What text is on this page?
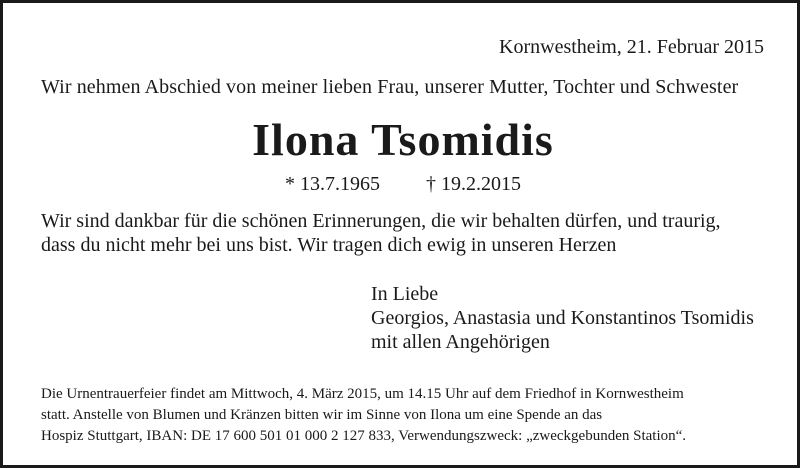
Kornwestheim, 21. Februar 2015
Wir nehmen Abschied von meiner lieben Frau, unserer Mutter, Tochter und Schwester
Ilona Tsomidis
* 13.7.1965 † 19.2.2015
Wir sind dankbar für die schönen Erinnerungen, die wir behalten dürfen, und traurig,
dass du nicht mehr bei uns bist. Wir tragen dich ewig in unseren Herzen
In Liebe
Georgios, Anastasia und Konstantinos Tsomidis
mit allen Angehörigen
Die Urnentrauerfeier findet am Mittwoch, 4. März 2015, um 14.15 Uhr auf dem Friedhof in Kornwestheim
statt. Anstelle von Blumen und Kränzen bitten wir im Sinne von Ilona um eine Spende an das
Hospiz Stuttgart, IBAN: DE 17 600 501 01 000 2 127 833, Verwendungszweck: „zweckgebunden Station“.
